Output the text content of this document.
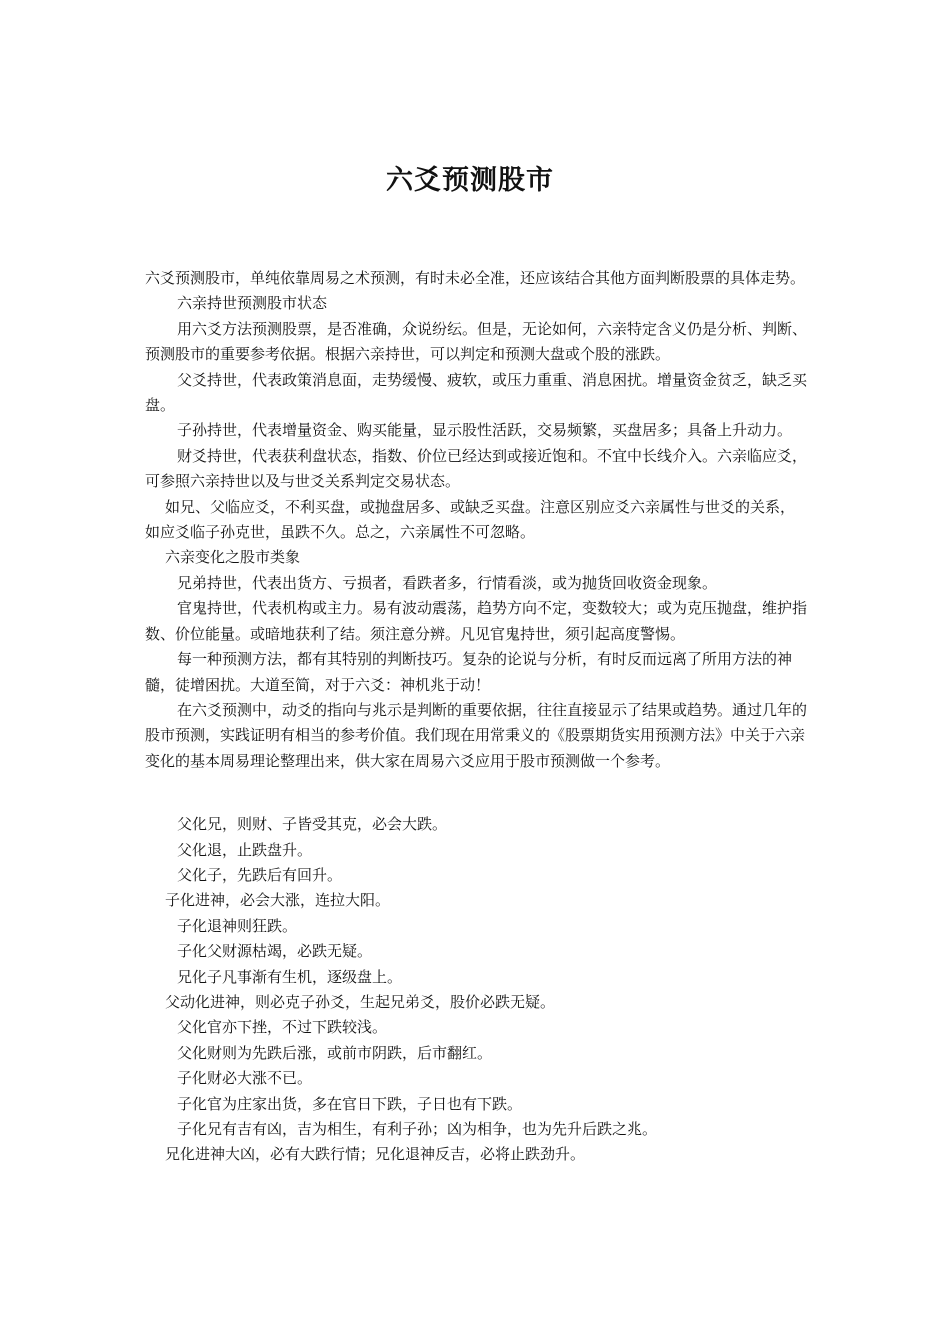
六爻预测股市

六爻预测股市，单纯依靠周易之术预测，有时未必全准，还应该结合其他方面判断股票的具体走势。

六亲持世预测股市状态

用六爻方法预测股票，是否准确，众说纷纭。但是，无论如何，六亲特定含义仍是分析、判断、预测股市的重要参考依据。根据六亲持世，可以判定和预测大盘或个股的涨跌。

父爻持世，代表政策消息面，走势缓慢、疲软，或压力重重、消息困扰。增量资金贫乏，缺乏买盘。

子孙持世，代表增量资金、购买能量，显示股性活跃，交易频繁，买盘居多；具备上升动力。

财爻持世，代表获利盘状态，指数、价位已经达到或接近饱和。不宜中长线介入。六亲临应爻，可参照六亲持世以及与世爻关系判定交易状态。

如兄、父临应爻，不利买盘，或抛盘居多、或缺乏买盘。注意区别应爻六亲属性与世爻的关系，如应爻临子孙克世，虽跌不久。总之，六亲属性不可忽略。

六亲变化之股市类象

兄弟持世，代表出货方、亏损者，看跌者多，行情看淡，或为抛货回收资金现象。

官鬼持世，代表机构或主力。易有波动震荡，趋势方向不定，变数较大；或为克压抛盘，维护指数、价位能量。或暗地获利了结。须注意分辨。凡见官鬼持世，须引起高度警惕。

每一种预测方法，都有其特别的判断技巧。复杂的论说与分析，有时反而远离了所用方法的神髓，徒增困扰。大道至简，对于六爻：神机兆于动！

在六爻预测中，动爻的指向与兆示是判断的重要依据，往往直接显示了结果或趋势。通过几年的股市预测，实践证明有相当的参考价值。我们现在用常秉义的《股票期货实用预测方法》中关于六亲变化的基本周易理论整理出来，供大家在周易六爻应用于股市预测做一个参考。

父化兄，则财、子皆受其克，必会大跌。

父化退，止跌盘升。

父化子，先跌后有回升。

子化进神，必会大涨，连拉大阳。

子化退神则狂跌。

子化父财源枯竭，必跌无疑。

兄化子凡事渐有生机，逐级盘上。

父动化进神，则必克子孙爻，生起兄弟爻，股价必跌无疑。

父化官亦下挫，不过下跌较浅。

父化财则为先跌后涨，或前市阴跌，后市翻红。

子化财必大涨不已。

子化官为庄家出货，多在官日下跌，子日也有下跌。

子化兄有吉有凶，吉为相生，有利子孙；凶为相争，也为先升后跌之兆。

兄化进神大凶，必有大跌行情；兄化退神反吉，必将止跌劲升。
